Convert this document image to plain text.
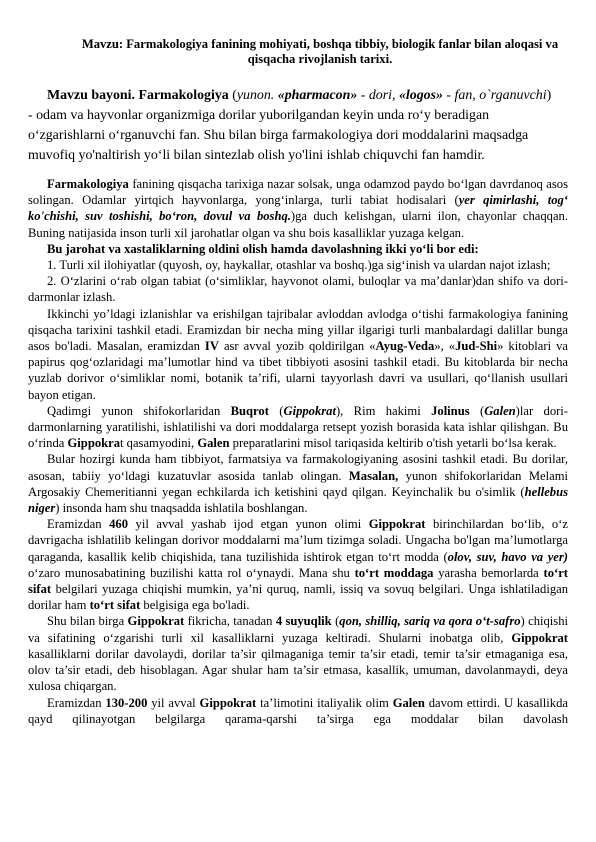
Mavzu: Farmakologiya fanining mohiyati, boshqa tibbiy, biologik fanlar bilan aloqasi va qisqacha rivojlanish tarixi.
Mavzu bayoni. Farmakologiya (yunon. «pharmacon» - dori, «logos» - fan, o`rganuvchi)
- odam va hayvonlar organizmiga dorilar yuborilgandan keyin unda ro‘y beradigan
o‘zgarishlarni o‘rganuvchi fan. Shu bilan birga farmakologiya dori moddalarini maqsadga
muvofiq yo'naltirish yo‘li bilan sintezlab olish yo'lini ishlab chiquvchi fan hamdir.

Farmakologiya fanining qisqacha tarixiga nazar solsak, unga odamzod paydo bo‘lgan davrdanoq asos solingan. Odamlar yirtqich hayvonlarga, yong‘inlarga, turli tabiat hodisalari (yer qimirlashi, tog‘ ko'chishi, suv toshishi, bo‘ron, dovul va boshq.)ga duch kelishgan, ularni ilon, chayonlar chaqqan. Buning natijasida inson turli xil jarohatlar olgan va shu bois kasalliklar yuzaga kelgan.

Bu jarohat va xastaliklarning oldini olish hamda davolashning ikki yo‘li bor edi:

1. Turli xil ilohiyatlar (quyosh, oy, haykallar, otashlar va boshq.)ga sig‘inish va ulardan najot izlash;

2. O‘zlarini o‘rab olgan tabiat (o‘simliklar, hayvonot olami, buloqlar va ma’danlar)dan shifo va dori-darmonlar izlash.

Ikkinchi yo’ldagi izlanishlar va erishilgan tajribalar avloddan avlodga o‘tishi farmakologiya fanining qisqacha tarixini tashkil etadi. Eramizdan bir necha ming yillar ilgarigi turli manbalardagi dalillar bunga asos bo'ladi. Masalan, eramizdan IV asr avval yozib qoldirilgan «Ayug-Veda», «Jud-Shi» kitoblari va papirus qog‘ozlaridagi ma’lumotlar hind va tibet tibbiyoti asosini tashkil etadi. Bu kitoblarda bir necha yuzlab dorivor o‘simliklar nomi, botanik ta’rifi, ularni tayyorlash davri va usullari, qo‘llanish usullari bayon etigan.

Qadimgi yunon shifokorlaridan Buqrot (Gippokrat), Rim hakimi Jolinus (Galen)lar dori-darmonlarning yaratilishi, ishlatilishi va dori moddalarga retsept yozish borasida kata ishlar qilishgan. Bu o‘rinda Gippokrat qasamyodini, Galen preparatlarini misol tariqasida keltirib o'tish yetarli bo‘lsa kerak.

Bular hozirgi kunda ham tibbiyot, farmatsiya va farmakologiyaning asosini tashkil etadi. Bu dorilar, asosan, tabiiy yo‘ldagi kuzatuvlar asosida tanlab olingan. Masalan, yunon shifokorlaridan Melami Argosakiy Chemeritianni yegan echkilarda ich ketishini qayd qilgan. Keyinchalik bu o'simlik (hellebus niger) insonda ham shu tnaqsadda ishlatila boshlangan.

Eramizdan 460 yil avval yashab ijod etgan yunon olimi Gippokrat birinchilardan bo‘lib, o‘z davrigacha ishlatilib kelingan dorivor moddalarni ma’lum tizimga soladi. Ungacha bo'lgan ma’lumotlarga qaraganda, kasallik kelib chiqishida, tana tuzilishida ishtirok etgan to‘rt modda (olov, suv, havo va yer) o‘zaro munosabatining buzilishi katta rol o‘ynaydi. Mana shu to‘rt moddaga yarasha bemorlarda to‘rt sifat belgilari yuzaga chiqishi mumkin, ya’ni quruq, namli, issiq va sovuq belgilari. Unga ishlatiladigan dorilar ham to‘rt sifat belgisiga ega bo'ladi.

Shu bilan birga Gippokrat fikricha, tanadan 4 suyuqlik (qon, shilliq, sariq va qora o‘t-safro) chiqishi va sifatining o‘zgarishi turli xil kasalliklarni yuzaga keltiradi. Shularni inobatga olib, Gippokrat kasalliklarni dorilar davolaydi, dorilar ta’sir qilmaganiga temir ta’sir etadi, temir ta’sir etmaganiga esa, olov ta’sir etadi, deb hisoblagan. Agar shular ham ta’sir etmasa, kasallik, umuman, davolanmaydi, deya xulosa chiqargan.

Eramizdan 130-200 yil avval Gippokrat ta’limotini italiyalik olim Galen davom ettirdi. U kasallikda qayd qilinayotgan belgilarga qarama-qarshi ta’sirga ega moddalar bilan davolash
